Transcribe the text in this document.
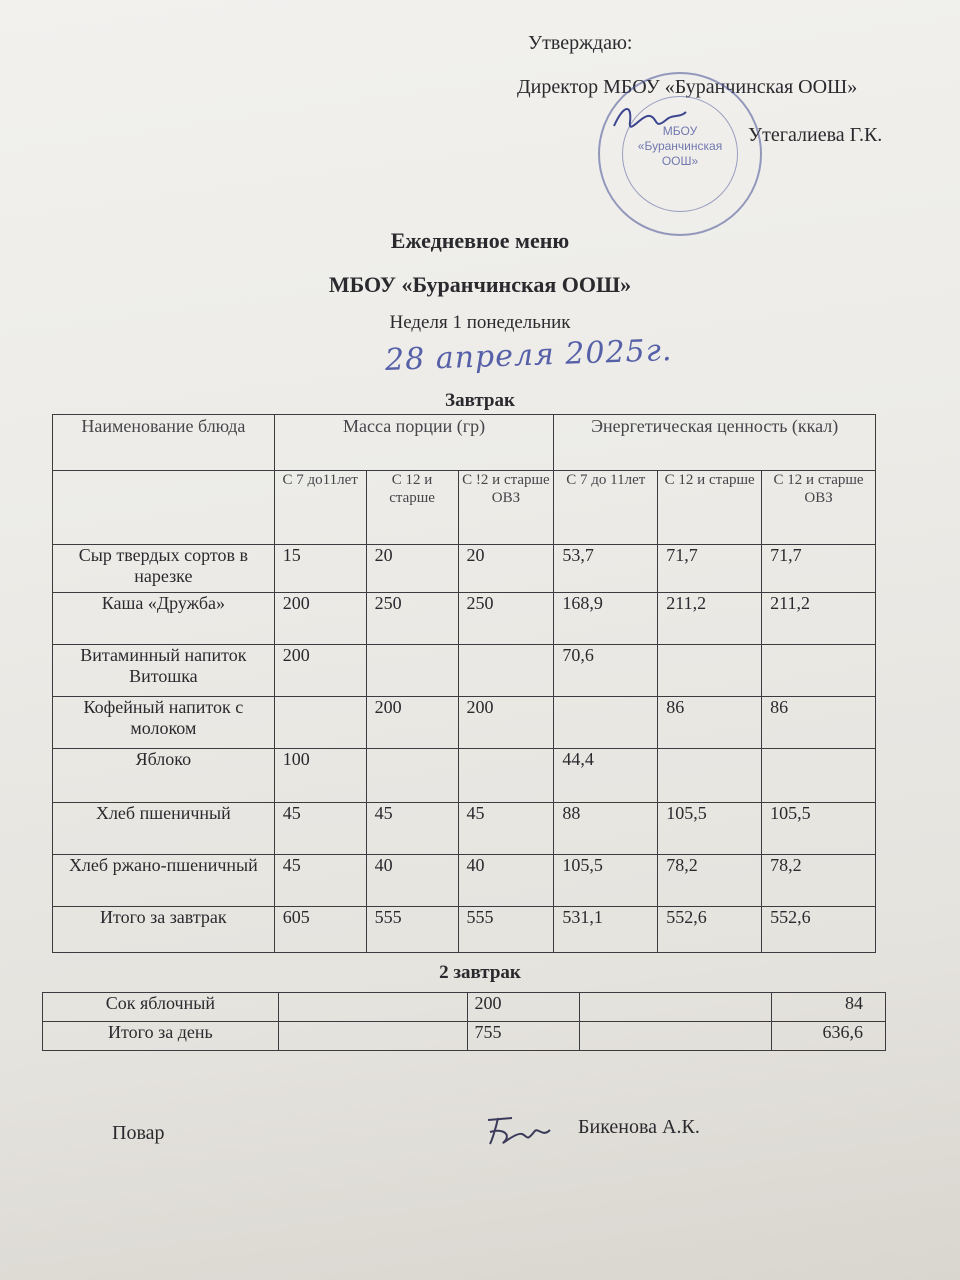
Утверждаю:
Директор МБОУ «Буранчинская ООШ»
МБОУ
«Буранчинская
ООШ»
Утегалиева Г.К.
Ежедневное меню
МБОУ «Буранчинская ООШ»
Неделя 1 понедельник
28 апреля 2025г.
Завтрак
Наименование блюда	Масса порции (гр)			Энергетическая ценность (ккал)		
	С 7 до11лет	С 12 и старше	С !2 и старше ОВЗ	С 7 до 11лет	С 12 и старше	С 12 и старше ОВЗ
Сыр твердых сортов в нарезке	15	20	20	53,7	71,7	71,7
Каша «Дружба»	200	250	250	168,9	211,2	211,2
Витаминный напиток Витошка	200			70,6		
Кофейный напиток с молоком		200	200		86	86
Яблоко	100			44,4		
Хлеб пшеничный	45	45	45	88	105,5	105,5
Хлеб ржано-пшеничный	45	40	40	105,5	78,2	78,2
Итого за завтрак	605	555	555	531,1	552,6	552,6
2 завтрак
Сок яблочный		200		84
Итого за день		755		636,6
Повар	Бикенова А.К.
